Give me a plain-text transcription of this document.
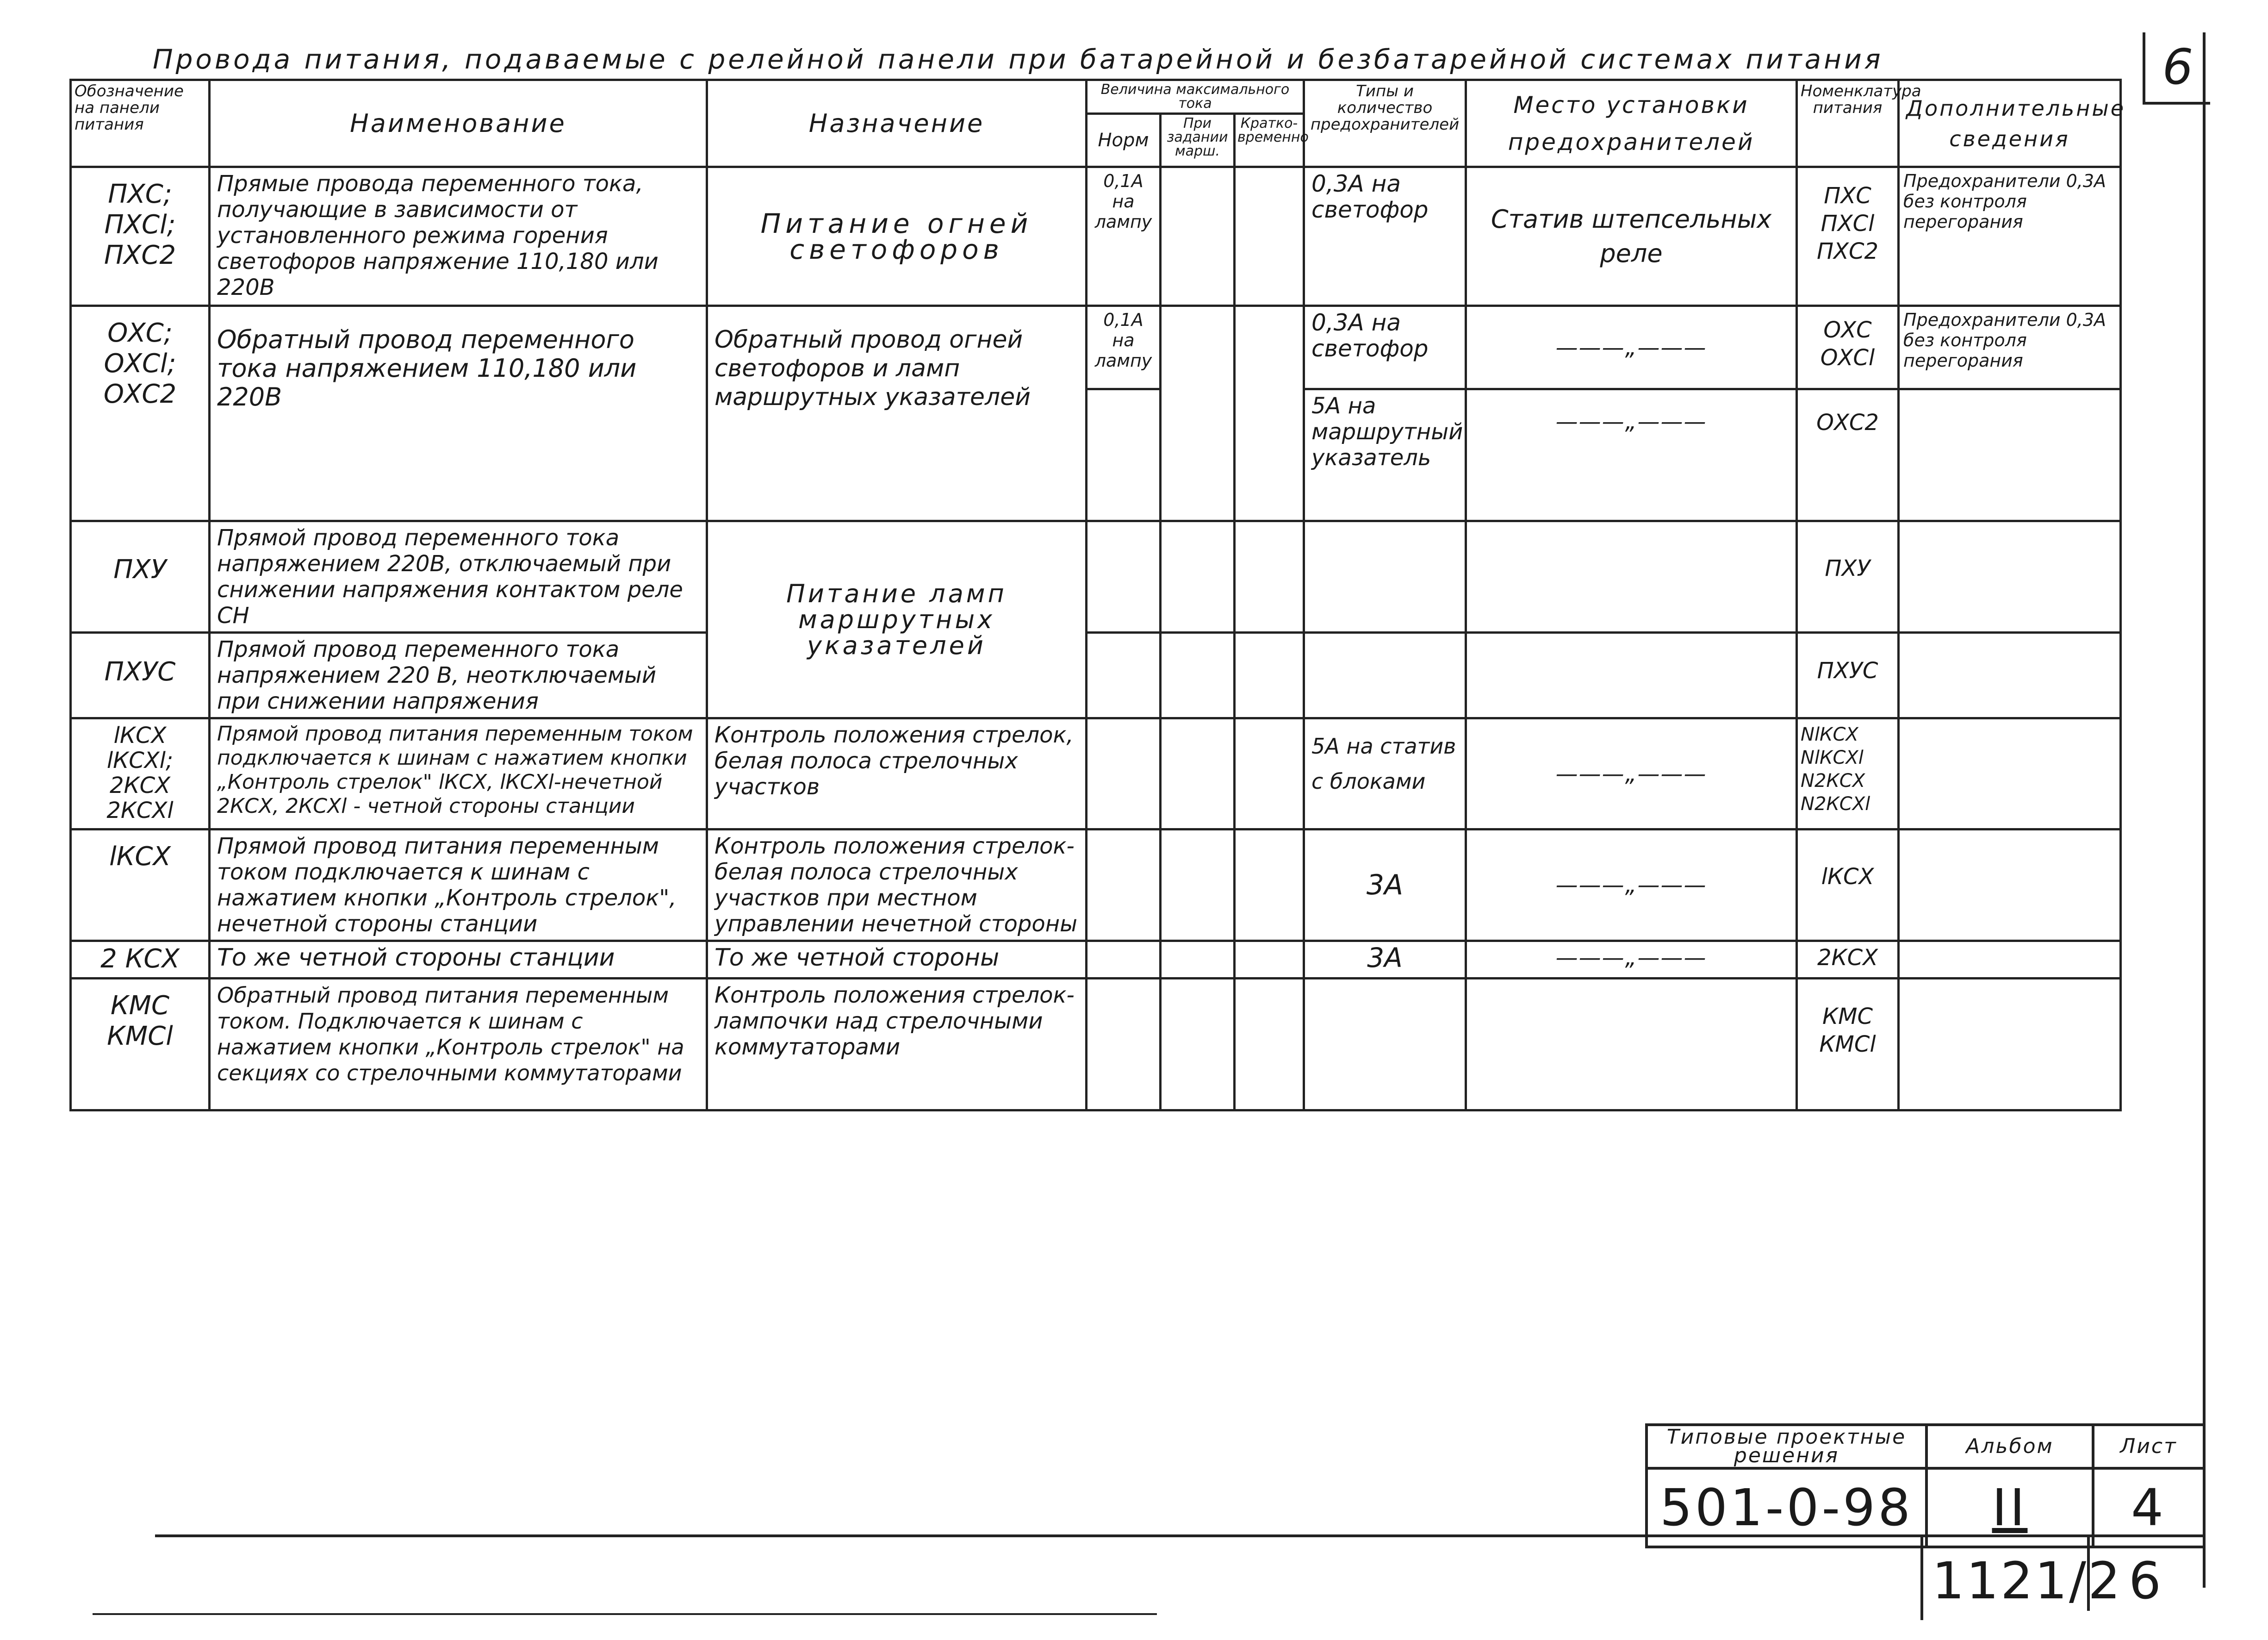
6
Провода питания, подаваемые с релейной панели при батарейной и безбатарейной системах питания
Обозначение на панели питания	Наименование	Назначение	Величина максимального тока			Типы и количество предохранителей	Место установки предохранителей	Номенклатура питания	Дополнительные сведения
			Норм	При задании марш.	Кратко-временно				
ПХС; ПХСl; ПХС2	Прямые провода переменного тока, получающие в зависимости от установленного режима горения светофоров напряжение 110,180 или 220В	Питание огней светофоров	0,1А на лампу			0,3А на светофор	Статив штепсельных реле	ПХС ПХСl ПХС2	Предохранители 0,3А без контроля перегорания
ОХС; ОХСl; ОХС2	Обратный провод переменного тока напряжением 110,180 или 220В	Обратный провод огней светофоров и ламп маршрутных указателей	0,1А на лампу			0,3А на светофор	———„———	ОХС ОХСl	Предохранители 0,3А без контроля перегорания
						5А на маршрутный указатель	———„———	ОХС2	
ПХУ	Прямой провод переменного тока напряжением 220В, отключаемый при снижении напряжения контактом реле СН	Питание ламп маршрутных указателей						ПХУ	
ПХУС	Прямой провод переменного тока напряжением 220 В, неотключаемый при снижении напряжения							ПХУС	
lКСХ lКСХl; 2КСХ 2КСХl	Прямой провод питания переменным током подключается к шинам с нажатием кнопки „Контроль стрелок" lКСХ, lКСХl-нечетной 2КСХ, 2КСХl - четной стороны станции	Контроль положения стрелок, белая полоса стрелочных участков				5А на статив с блоками	———„———	NlКСХ NlКСХl N2КСХ N2КСХl	
lКСХ	Прямой провод питания переменным током подключается к шинам с нажатием кнопки „Контроль стрелок", нечетной стороны станции	Контроль положения стрелок-белая полоса стрелочных участков при местном управлении нечетной стороны				3А	———„———	lКСХ	
2 КСХ	То же четной стороны станции	То же четной стороны				3А	———„———	2КСХ	
КМС КМСl	Обратный провод питания переменным током. Подключается к шинам с нажатием кнопки „Контроль стрелок" на секциях со стрелочными коммутаторами	Контроль положения стрелок-лампочки над стрелочными коммутаторами						КМС КМСl	
Типовые проектные решения	Альбом	Лист
501-0-98	II	4
1121/2 6
